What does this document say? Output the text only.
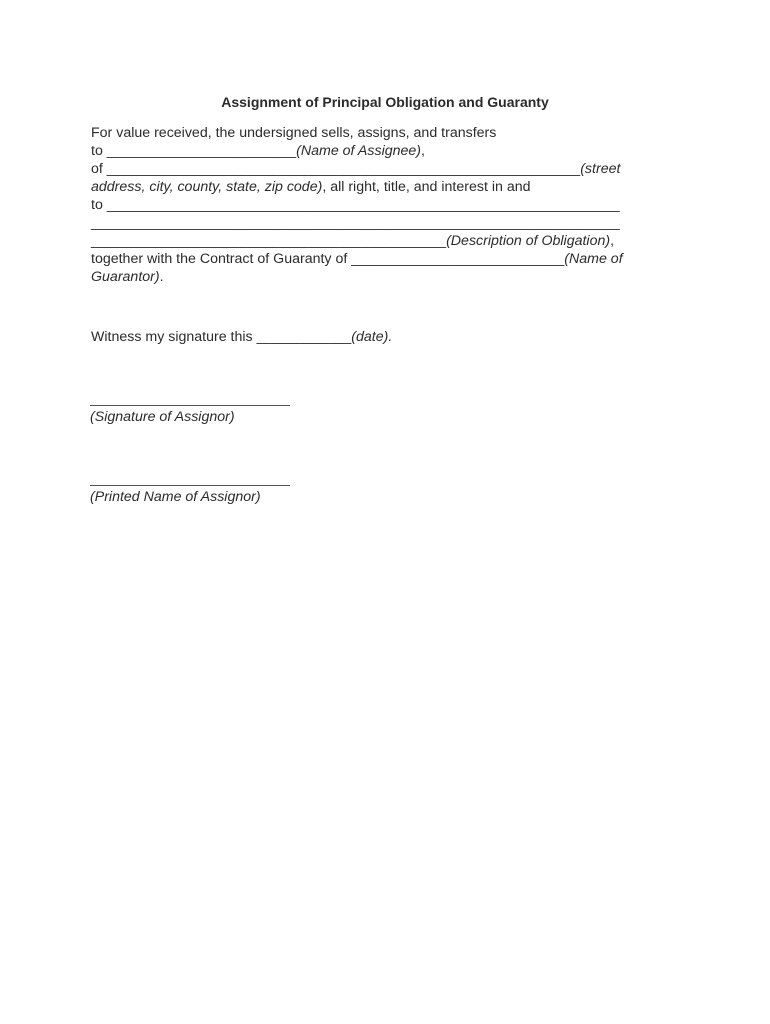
Assignment of Principal Obligation and Guaranty
For value received, the undersigned sells, assigns, and transfers
to ________________________(Name of Assignee),
of ____________________________________________________________(street
address, city, county, state, zip code), all right, title, and interest in and
to _________________________________________________________________
___________________________________________________________________
_____________________________________________(Description of Obligation),
together with the Contract of Guaranty of ___________________________(Name of
Guarantor).
Witness my signature this ____________(date).
(Signature of Assignor)
(Printed Name of Assignor)
